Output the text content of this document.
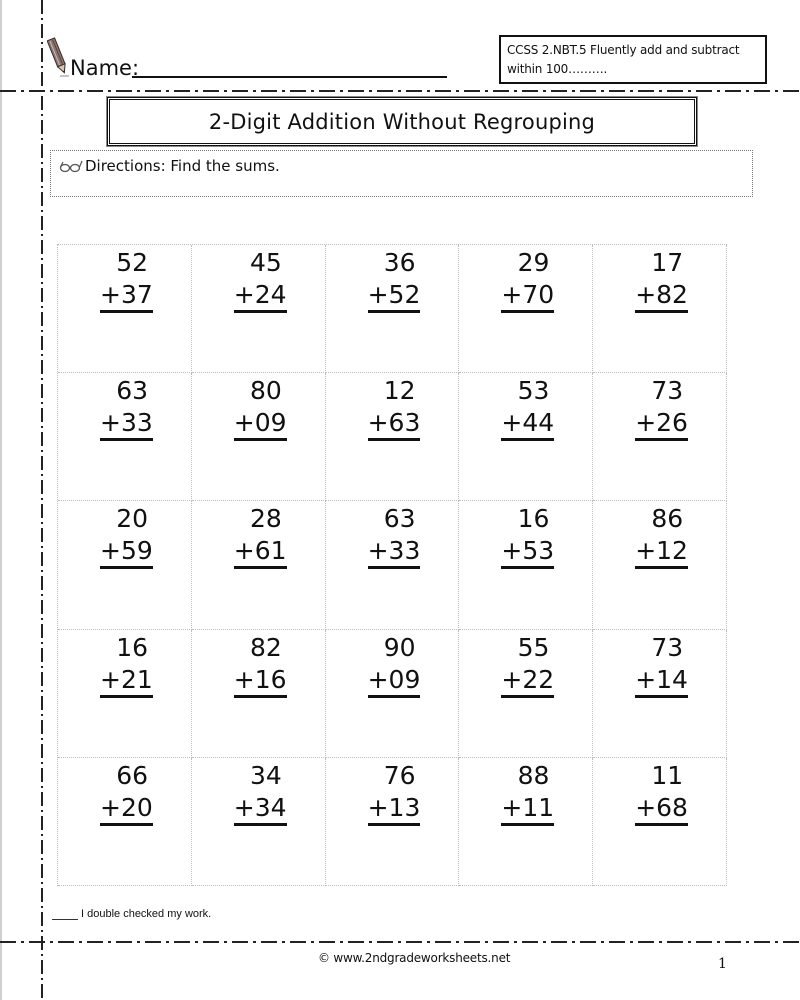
Name:
CCSS 2.NBT.5 Fluently add and subtract within 100……….
2-Digit Addition Without Regrouping
Directions: Find the sums.
52
+37
45
+24
36
+52
29
+70
17
+82
63
+33
80
+09
12
+63
53
+44
73
+26
20
+59
28
+61
63
+33
16
+53
86
+12
16
+21
82
+16
90
+09
55
+22
73
+14
66
+20
34
+34
76
+13
88
+11
11
+68
I double checked my work.
© www.2ndgradeworksheets.net	1
